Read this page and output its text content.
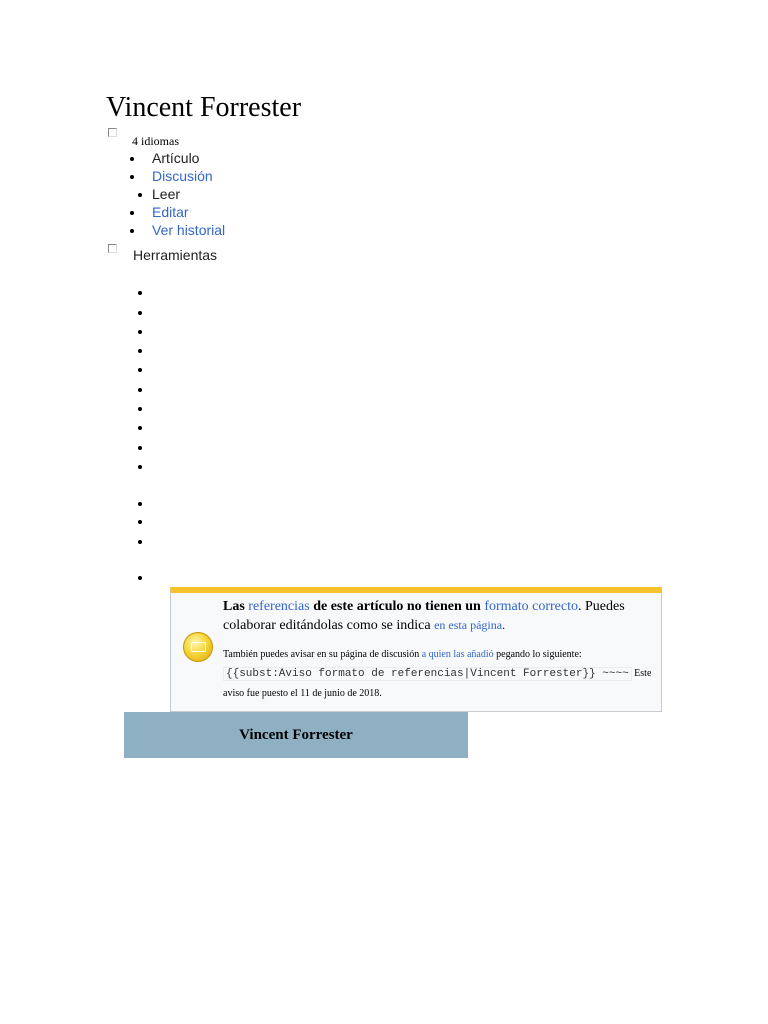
Vincent Forrester
4 idiomas
Artículo
Discusión
Leer
Editar
Ver historial
Herramientas

Las referencias de este artículo no tienen un formato correcto. Puedes colaborar editándolas como se indica en esta página.

También puedes avisar en su página de discusión a quien las añadió pegando lo siguiente: {{subst:Aviso formato de referencias|Vincent Forrester}} ~~~~ Este aviso fue puesto el 11 de junio de 2018.

Vincent Forrester
